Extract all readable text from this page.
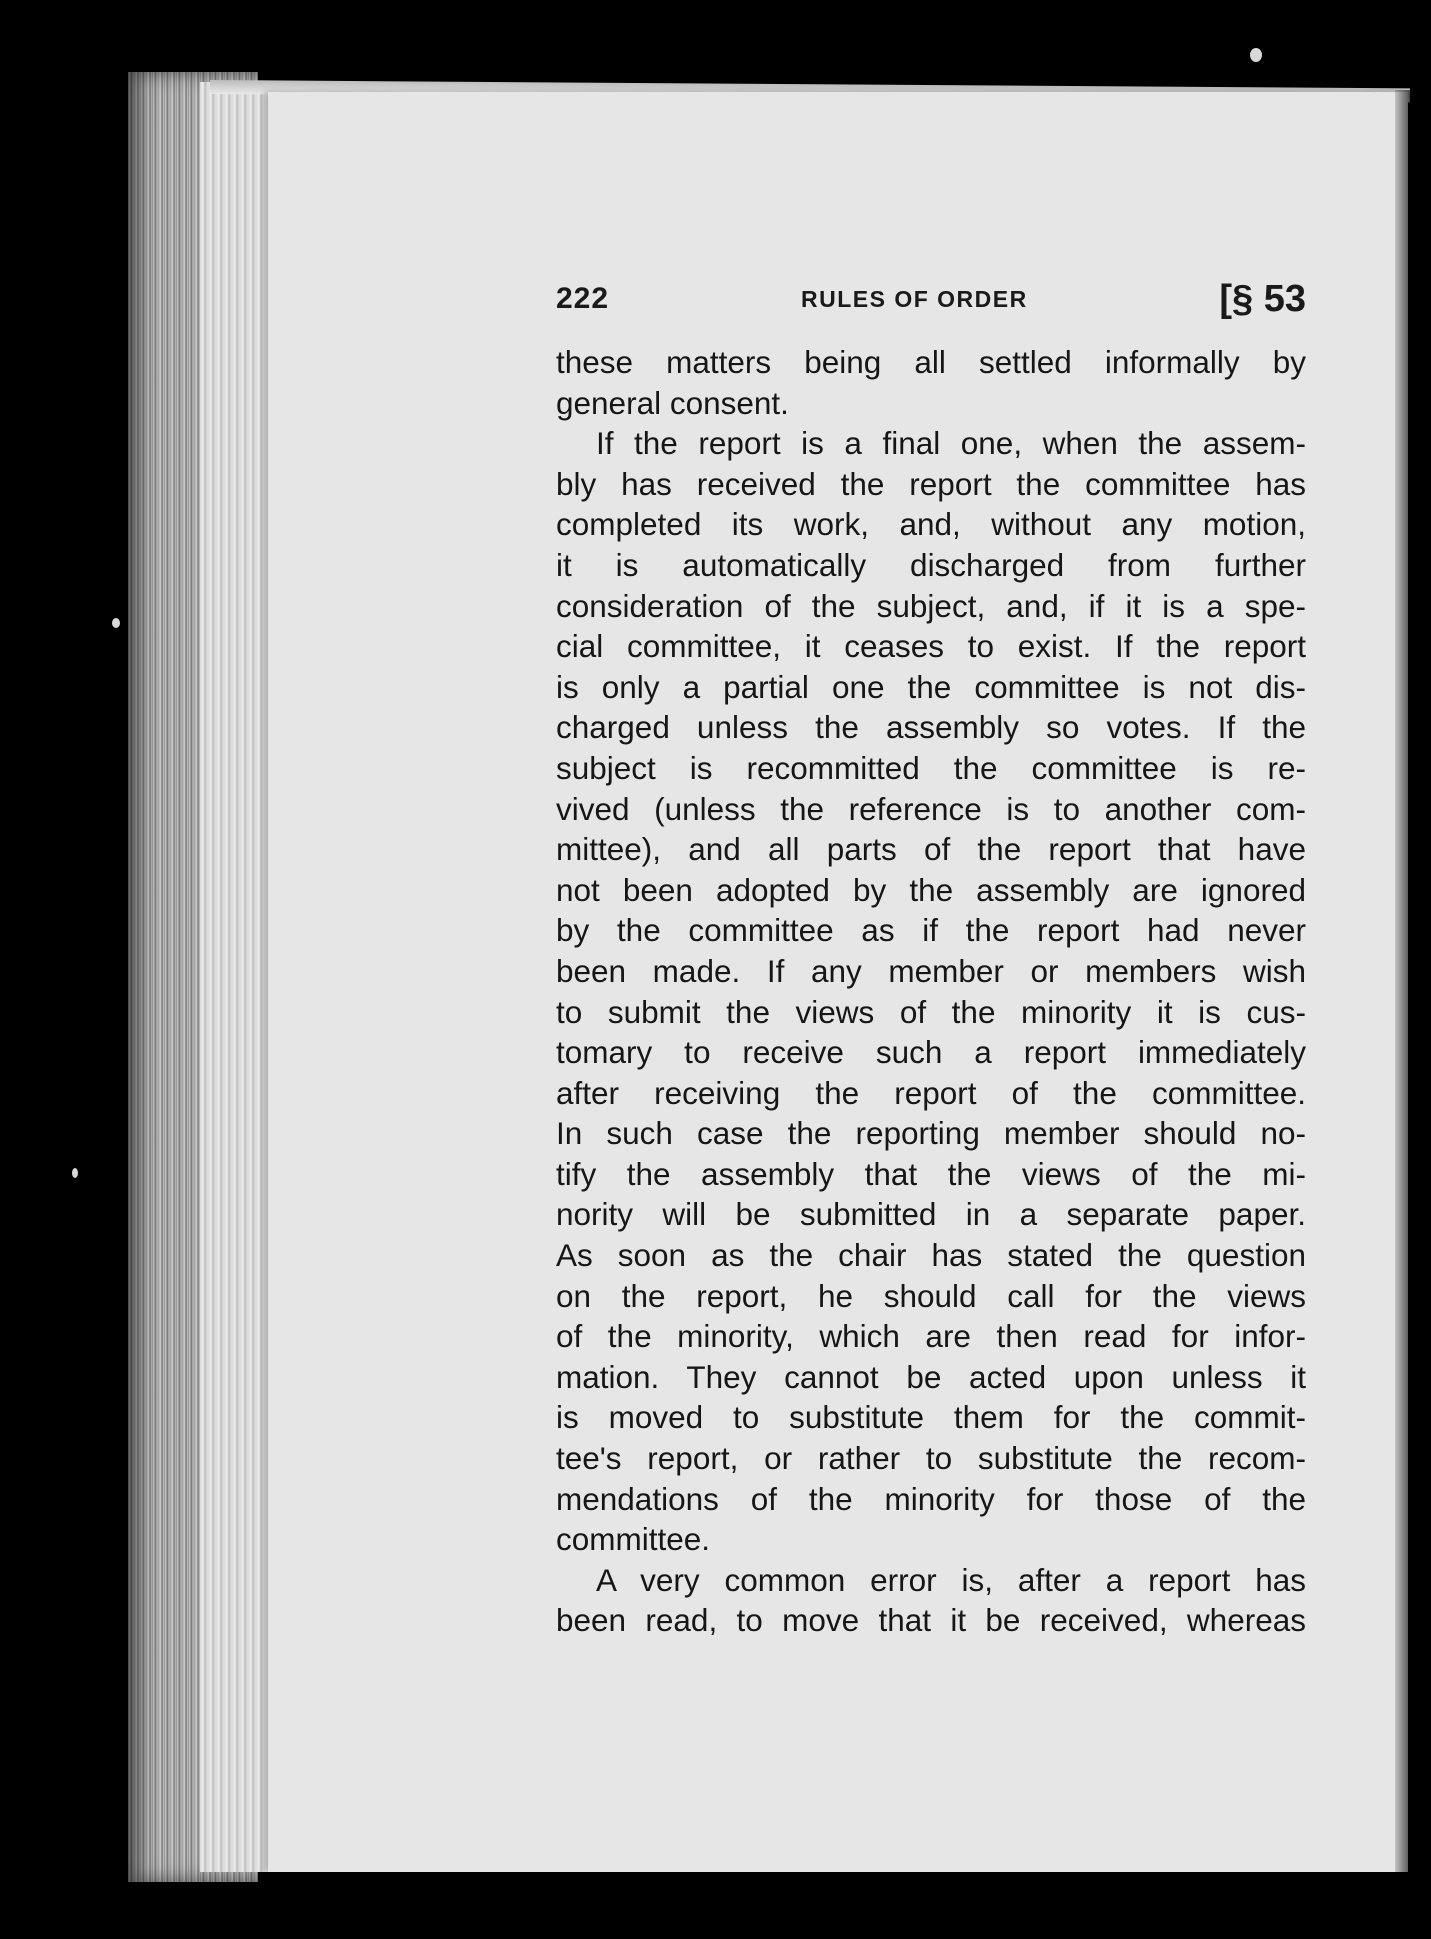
222	RULES OF ORDER	[§ 53
these matters being all settled informally by
general consent.
If the report is a final one, when the assem-
bly has received the report the committee has
completed its work, and, without any motion,
it is automatically discharged from further
consideration of the subject, and, if it is a spe-
cial committee, it ceases to exist. If the report
is only a partial one the committee is not dis-
charged unless the assembly so votes. If the
subject is recommitted the committee is re-
vived (unless the reference is to another com-
mittee), and all parts of the report that have
not been adopted by the assembly are ignored
by the committee as if the report had never
been made. If any member or members wish
to submit the views of the minority it is cus-
tomary to receive such a report immediately
after receiving the report of the committee.
In such case the reporting member should no-
tify the assembly that the views of the mi-
nority will be submitted in a separate paper.
As soon as the chair has stated the question
on the report, he should call for the views
of the minority, which are then read for infor-
mation. They cannot be acted upon unless it
is moved to substitute them for the commit-
tee's report, or rather to substitute the recom-
mendations of the minority for those of the
committee.
A very common error is, after a report has
been read, to move that it be received, whereas
